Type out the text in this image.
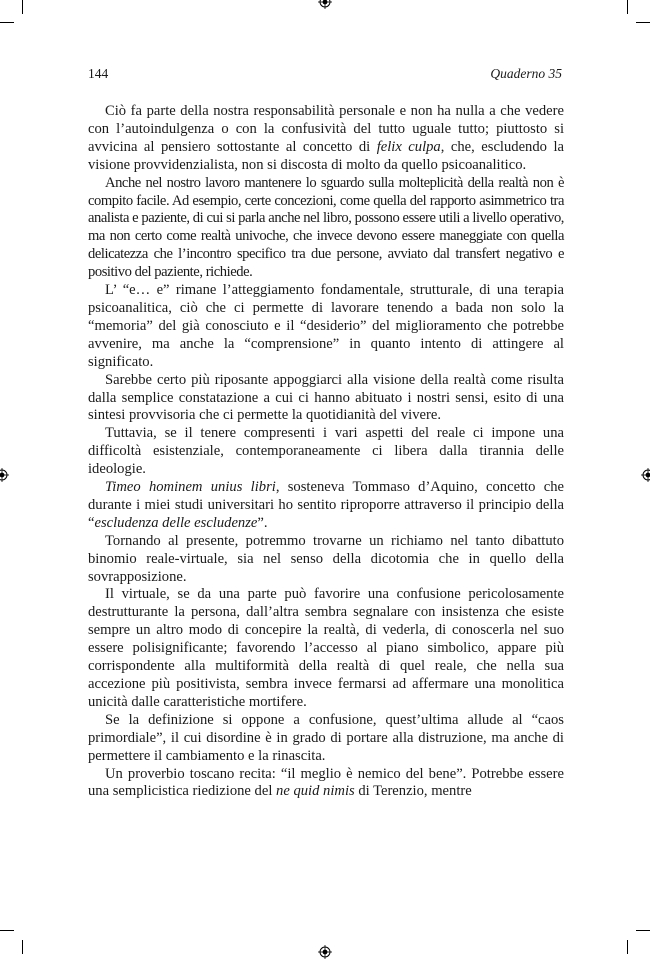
144	Quaderno 35

Ciò fa parte della nostra responsabilità personale e non ha nulla a che vedere con l’autoindulgenza o con la confusività del tutto uguale tutto; piuttosto si avvicina al pensiero sottostante al concetto di felix culpa, che, escludendo la visione provvidenzialista, non si discosta di molto da quello psicoanalitico.

Anche nel nostro lavoro mantenere lo sguardo sulla molteplicità della realtà non è compito facile. Ad esempio, certe concezioni, come quella del rapporto asimmetrico tra analista e paziente, di cui si parla anche nel libro, possono essere utili a livello operativo, ma non certo come realtà univoche, che invece devono essere maneggiate con quella delicatezza che l’incontro specifico tra due persone, avviato dal transfert negativo e positivo del paziente, richiede.

L’ “e… e” rimane l’atteggiamento fondamentale, strutturale, di una terapia psicoanalitica, ciò che ci permette di lavorare tenendo a bada non solo la “memoria” del già conosciuto e il “desiderio” del miglioramento che potrebbe avvenire, ma anche la “comprensione” in quanto intento di attingere al significato.

Sarebbe certo più riposante appoggiarci alla visione della realtà come risulta dalla semplice constatazione a cui ci hanno abituato i nostri sensi, esito di una sintesi provvisoria che ci permette la quotidianità del vivere.

Tuttavia, se il tenere compresenti i vari aspetti del reale ci impone una difficoltà esistenziale, contemporaneamente ci libera dalla tirannia delle ideologie.

Timeo hominem unius libri, sosteneva Tommaso d’Aquino, concetto che durante i miei studi universitari ho sentito riproporre attraverso il principio della “escludenza delle escludenze”.

Tornando al presente, potremmo trovarne un richiamo nel tanto dibattuto binomio reale-virtuale, sia nel senso della dicotomia che in quello della sovrapposizione.

Il virtuale, se da una parte può favorire una confusione pericolosamente destrutturante la persona, dall’altra sembra segnalare con insistenza che esiste sempre un altro modo di concepire la realtà, di vederla, di conoscerla nel suo essere polisignificante; favorendo l’accesso al piano simbolico, appare più corrispondente alla multiformità della realtà di quel reale, che nella sua accezione più positivista, sembra invece fermarsi ad affermare una monolitica unicità dalle caratteristiche mortifere.

Se la definizione si oppone a confusione, quest’ultima allude al “caos primordiale”, il cui disordine è in grado di portare alla distruzione, ma anche di permettere il cambiamento e la rinascita.

Un proverbio toscano recita: “il meglio è nemico del bene”. Potrebbe essere una semplicistica riedizione del ne quid nimis di Terenzio, mentre
